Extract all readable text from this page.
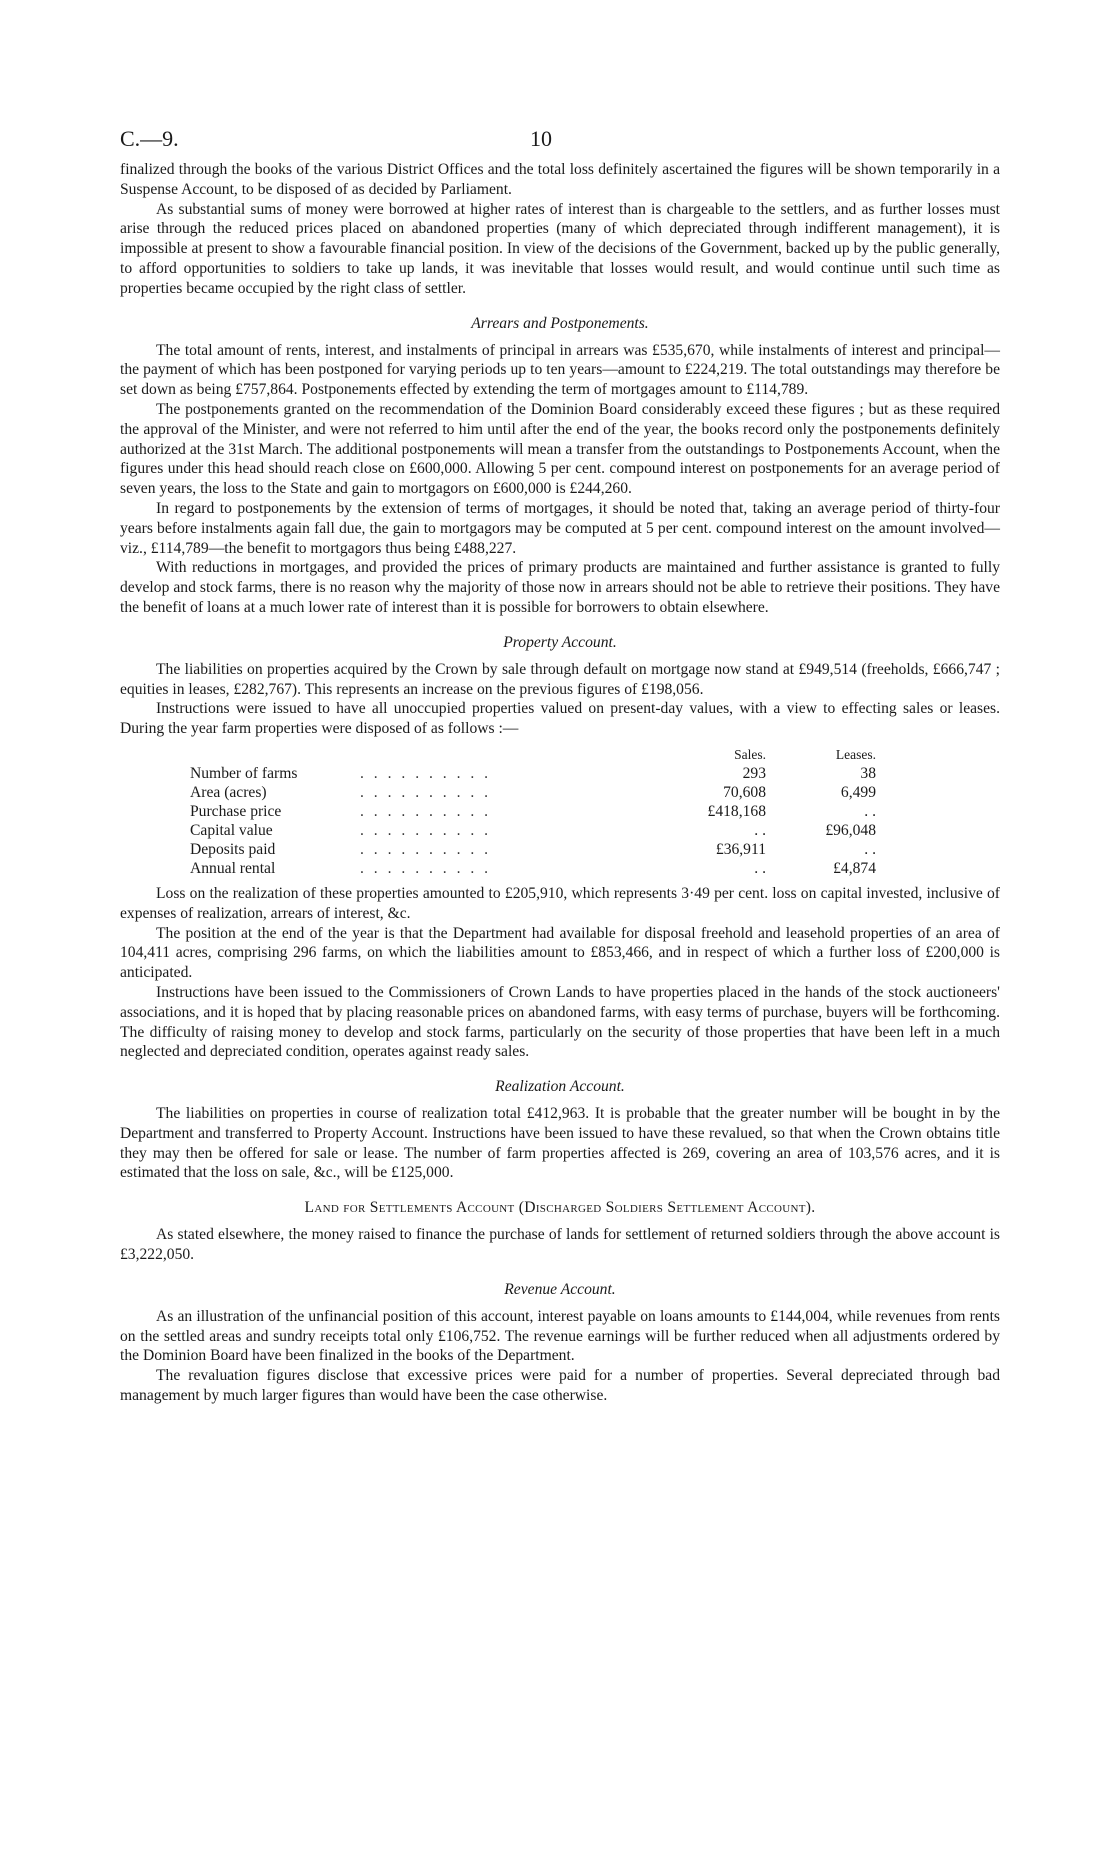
C.—9.	10

finalized through the books of the various District Offices and the total loss definitely ascertained the figures will be shown temporarily in a Suspense Account, to be disposed of as decided by Parliament.

As substantial sums of money were borrowed at higher rates of interest than is chargeable to the settlers, and as further losses must arise through the reduced prices placed on abandoned properties (many of which depreciated through indifferent management), it is impossible at present to show a favourable financial position. In view of the decisions of the Government, backed up by the public generally, to afford opportunities to soldiers to take up lands, it was inevitable that losses would result, and would continue until such time as properties became occupied by the right class of settler.

Arrears and Postponements.

The total amount of rents, interest, and instalments of principal in arrears was £535,670, while instalments of interest and principal—the payment of which has been postponed for varying periods up to ten years—amount to £224,219. The total outstandings may therefore be set down as being £757,864. Postponements effected by extending the term of mortgages amount to £114,789.

The postponements granted on the recommendation of the Dominion Board considerably exceed these figures ; but as these required the approval of the Minister, and were not referred to him until after the end of the year, the books record only the postponements definitely authorized at the 31st March. The additional postponements will mean a transfer from the outstandings to Postponements Account, when the figures under this head should reach close on £600,000. Allowing 5 per cent. compound interest on postponements for an average period of seven years, the loss to the State and gain to mortgagors on £600,000 is £244,260.

In regard to postponements by the extension of terms of mortgages, it should be noted that, taking an average period of thirty-four years before instalments again fall due, the gain to mortgagors may be computed at 5 per cent. compound interest on the amount involved—viz., £114,789—the benefit to mortgagors thus being £488,227.

With reductions in mortgages, and provided the prices of primary products are maintained and further assistance is granted to fully develop and stock farms, there is no reason why the majority of those now in arrears should not be able to retrieve their positions. They have the benefit of loans at a much lower rate of interest than it is possible for borrowers to obtain elsewhere.

Property Account.

The liabilities on properties acquired by the Crown by sale through default on mortgage now stand at £949,514 (freeholds, £666,747 ; equities in leases, £282,767). This represents an increase on the previous figures of £198,056.

Instructions were issued to have all unoccupied properties valued on present-day values, with a view to effecting sales or leases. During the year farm properties were disposed of as follows :—

		Sales.	Leases.
Number of farms	. . . . . . . . . .	293	38
Area (acres)	. . . . . . . . . .	70,608	6,499
Purchase price	. . . . . . . . . .	£418,168	. .
Capital value	. . . . . . . . . .	. .	£96,048
Deposits paid	. . . . . . . . . .	£36,911	. .
Annual rental	. . . . . . . . . .	. .	£4,874

Loss on the realization of these properties amounted to £205,910, which represents 3·49 per cent. loss on capital invested, inclusive of expenses of realization, arrears of interest, &c.

The position at the end of the year is that the Department had available for disposal freehold and leasehold properties of an area of 104,411 acres, comprising 296 farms, on which the liabilities amount to £853,466, and in respect of which a further loss of £200,000 is anticipated.

Instructions have been issued to the Commissioners of Crown Lands to have properties placed in the hands of the stock auctioneers' associations, and it is hoped that by placing reasonable prices on abandoned farms, with easy terms of purchase, buyers will be forthcoming. The difficulty of raising money to develop and stock farms, particularly on the security of those properties that have been left in a much neglected and depreciated condition, operates against ready sales.

Realization Account.

The liabilities on properties in course of realization total £412,963. It is probable that the greater number will be bought in by the Department and transferred to Property Account. Instructions have been issued to have these revalued, so that when the Crown obtains title they may then be offered for sale or lease. The number of farm properties affected is 269, covering an area of 103,576 acres, and it is estimated that the loss on sale, &c., will be £125,000.

Land for Settlements Account (Discharged Soldiers Settlement Account).

As stated elsewhere, the money raised to finance the purchase of lands for settlement of returned soldiers through the above account is £3,222,050.

Revenue Account.

As an illustration of the unfinancial position of this account, interest payable on loans amounts to £144,004, while revenues from rents on the settled areas and sundry receipts total only £106,752. The revenue earnings will be further reduced when all adjustments ordered by the Dominion Board have been finalized in the books of the Department.

The revaluation figures disclose that excessive prices were paid for a number of properties. Several depreciated through bad management by much larger figures than would have been the case otherwise.
